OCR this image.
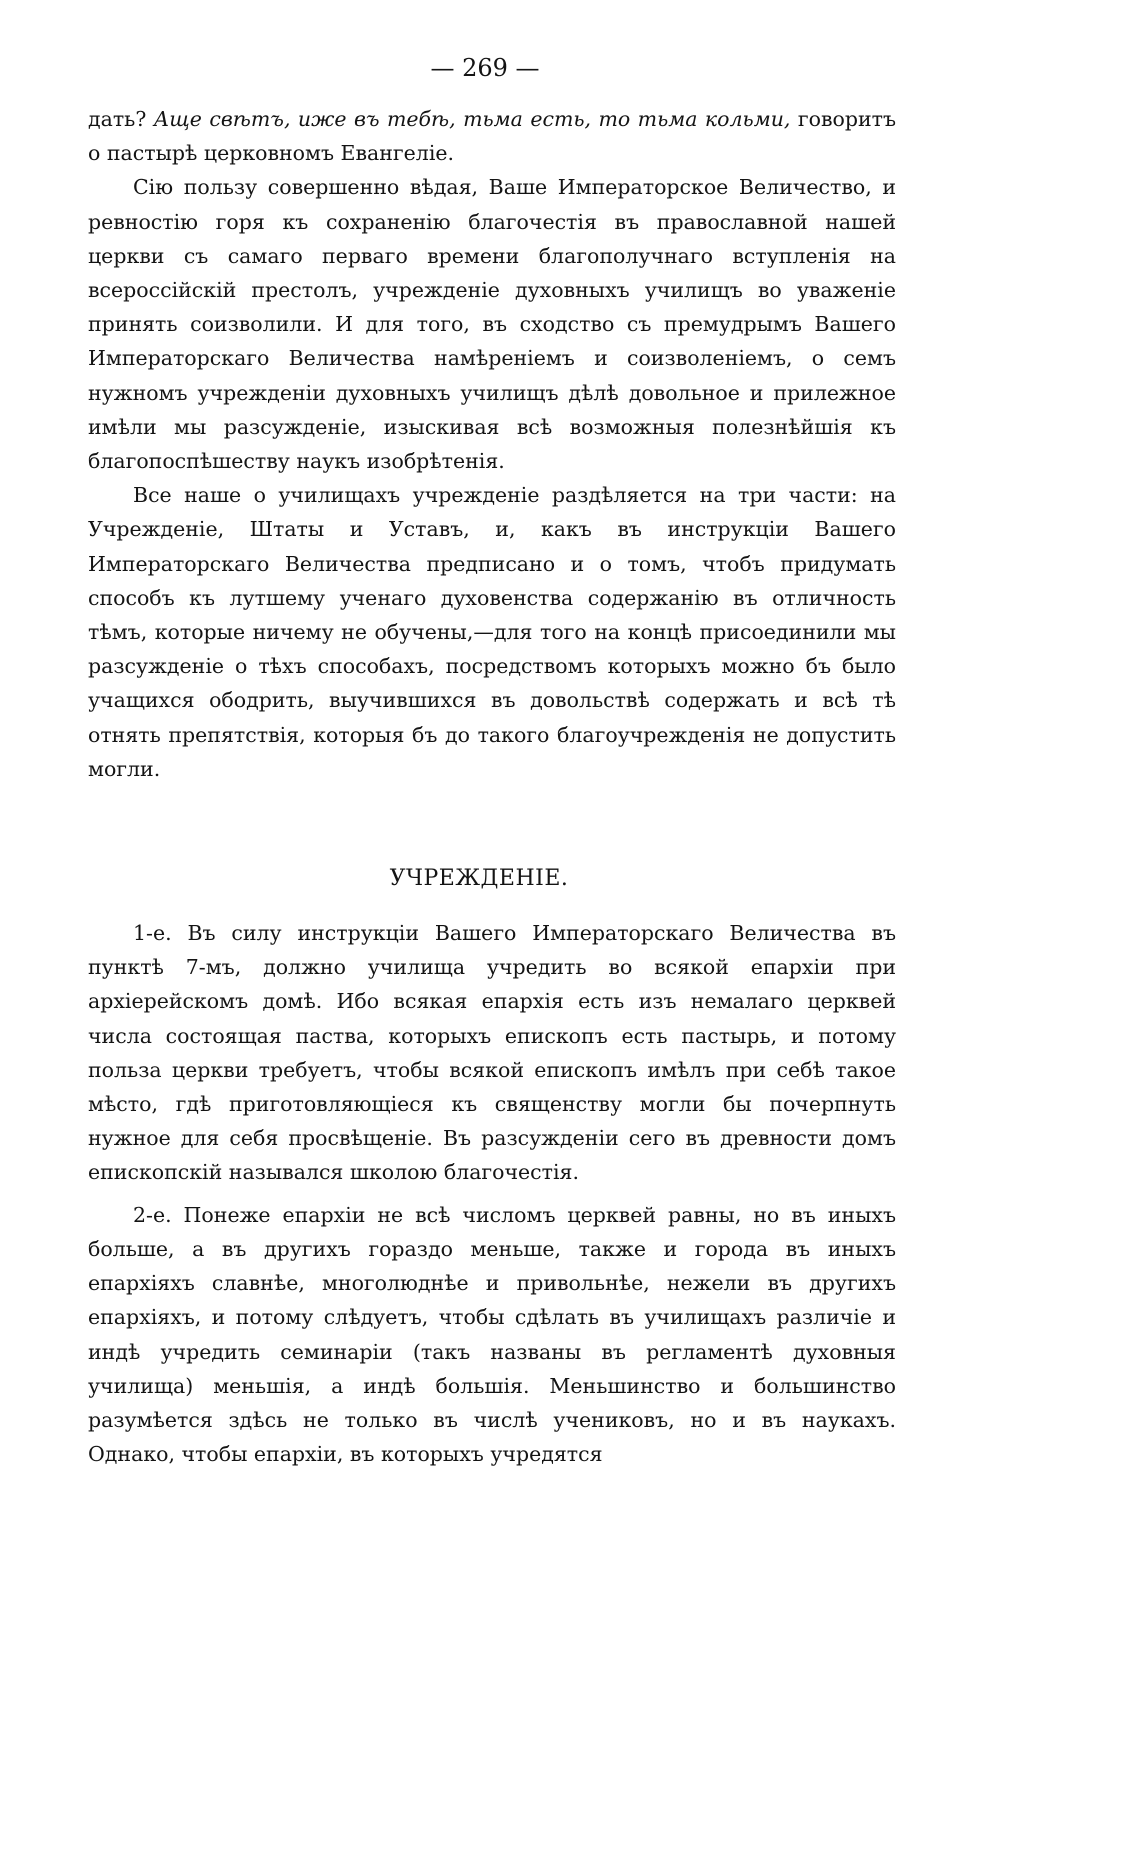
— 269 —

дать? Аще свѣтъ, иже въ тебѣ, тьма есть, то тьма кольми, говоритъ о пастырѣ церковномъ Евангеліе.

Сію пользу совершенно вѣдая, Ваше Императорское Величество, и ревностію горя къ сохраненію благочестія въ православной нашей церкви съ самаго перваго времени благополучнаго вступленія на всероссійскій престолъ, учрежденіе духовныхъ училищъ во уваженіе принять соизволили. И для того, въ сходство съ премудрымъ Вашего Императорскаго Величества намѣреніемъ и соизволеніемъ, о семъ нужномъ учрежденіи духовныхъ училищъ дѣлѣ довольное и прилежное имѣли мы разсужденіе, изыскивая всѣ возможныя полезнѣйшія къ благопоспѣшеству наукъ изобрѣтенія.

Все наше о училищахъ учрежденіе раздѣляется на три части: на Учрежденіе, Штаты и Уставъ, и, какъ въ инструкціи Вашего Императорскаго Величества предписано и о томъ, чтобъ придумать способъ къ лутшему ученаго духовенства содержанію въ отличность тѣмъ, которые ничему не обучены,—для того на концѣ присоединили мы разсужденіе о тѣхъ способахъ, посредствомъ которыхъ можно бъ было учащихся ободрить, выучившихся въ довольствѣ содержать и всѣ тѣ отнять препятствія, которыя бъ до такого благоучрежденія не допустить могли.

УЧРЕЖДЕНІЕ.

1-е. Въ силу инструкціи Вашего Императорскаго Величества въ пунктѣ 7-мъ, должно училища учредить во всякой епархіи при архіерейскомъ домѣ. Ибо всякая епархія есть изъ немалаго церквей числа состоящая паства, которыхъ епископъ есть пастырь, и потому польза церкви требуетъ, чтобы всякой епископъ имѣлъ при себѣ такое мѣсто, гдѣ приготовляющіеся къ священству могли бы почерпнуть нужное для себя просвѣщеніе. Въ разсужденіи сего въ древности домъ епископскій назывался школою благочестія.

2-е. Понеже епархіи не всѣ числомъ церквей равны, но въ иныхъ больше, а въ другихъ гораздо меньше, также и города въ иныхъ епархіяхъ славнѣе, многолюднѣе и привольнѣе, нежели въ другихъ епархіяхъ, и потому слѣдуетъ, чтобы сдѣлать въ училищахъ различіе и индѣ учредить семинаріи (такъ названы въ регламентѣ духовныя училища) меньшія, а индѣ большія. Меньшинство и большинство разумѣется здѣсь не только въ числѣ учениковъ, но и въ наукахъ. Однако, чтобы епархіи, въ которыхъ учредятся
